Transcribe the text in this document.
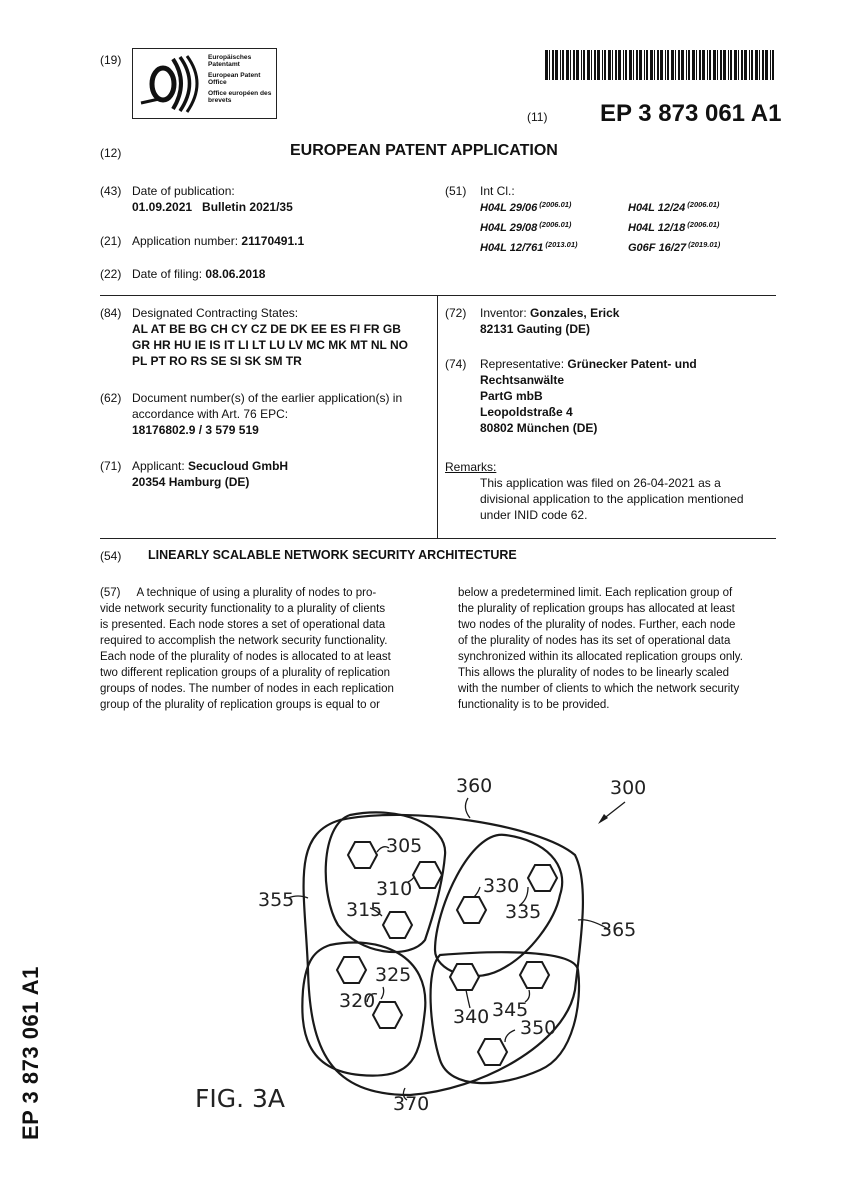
(19)	Europäisches Patentamt
European Patent Office
Office européen des brevets
(11) EP 3 873 061 A1
(12)	EUROPEAN PATENT APPLICATION
(43) Date of publication:
01.09.2021   Bulletin 2021/35
(21) Application number: 21170491.1
(22) Date of filing: 08.06.2018
(51) Int Cl.:
H04L 29/06 $^{(2006.01)}$	H04L 12/24 $^{(2006.01)}$
H04L 29/08 $^{(2006.01)}$	H04L 12/18 $^{(2006.01)}$
H04L 12/761 $^{(2013.01)}$	G06F 16/27 $^{(2019.01)}$
(84) Designated Contracting States:
AL AT BE BG CH CY CZ DE DK EE ES FI FR GB
GR HR HU IE IS IT LI LT LU LV MC MK MT NL NO
PL PT RO RS SE SI SK SM TR
(62) Document number(s) of the earlier application(s) in
accordance with Art. 76 EPC:
18176802.9 / 3 579 519
(71) Applicant: Secucloud GmbH
20354 Hamburg (DE)
(72) Inventor: Gonzales, Erick
82131 Gauting (DE)
(74) Representative: Grünecker Patent- und
Rechtsanwälte
PartG mbB
Leopoldstraße 4
80802 München (DE)
Remarks:
This application was filed on 26-04-2021 as a
divisional application to the application mentioned
under INID code 62.
(54) LINEARLY SCALABLE NETWORK SECURITY ARCHITECTURE
(57) A technique of using a plurality of nodes to pro-
vide network security functionality to a plurality of clients
is presented. Each node stores a set of operational data
required to accomplish the network security functionality.
Each node of the plurality of nodes is allocated to at least
two different replication groups of a plurality of replication
groups of nodes. The number of nodes in each replication
group of the plurality of replication groups is equal to or
below a predetermined limit. Each replication group of
the plurality of replication groups has allocated at least
two nodes of the plurality of nodes. Further, each node
of the plurality of nodes has its set of operational data
synchronized within its allocated replication groups only.
This allows the plurality of nodes to be linearly scaled
with the number of clients to which the network security
functionality is to be provided.
360	300
305
310
315
330
335
355
365
325
320
340 345
350
370
FIG. 3A
EP 3 873 061 A1
